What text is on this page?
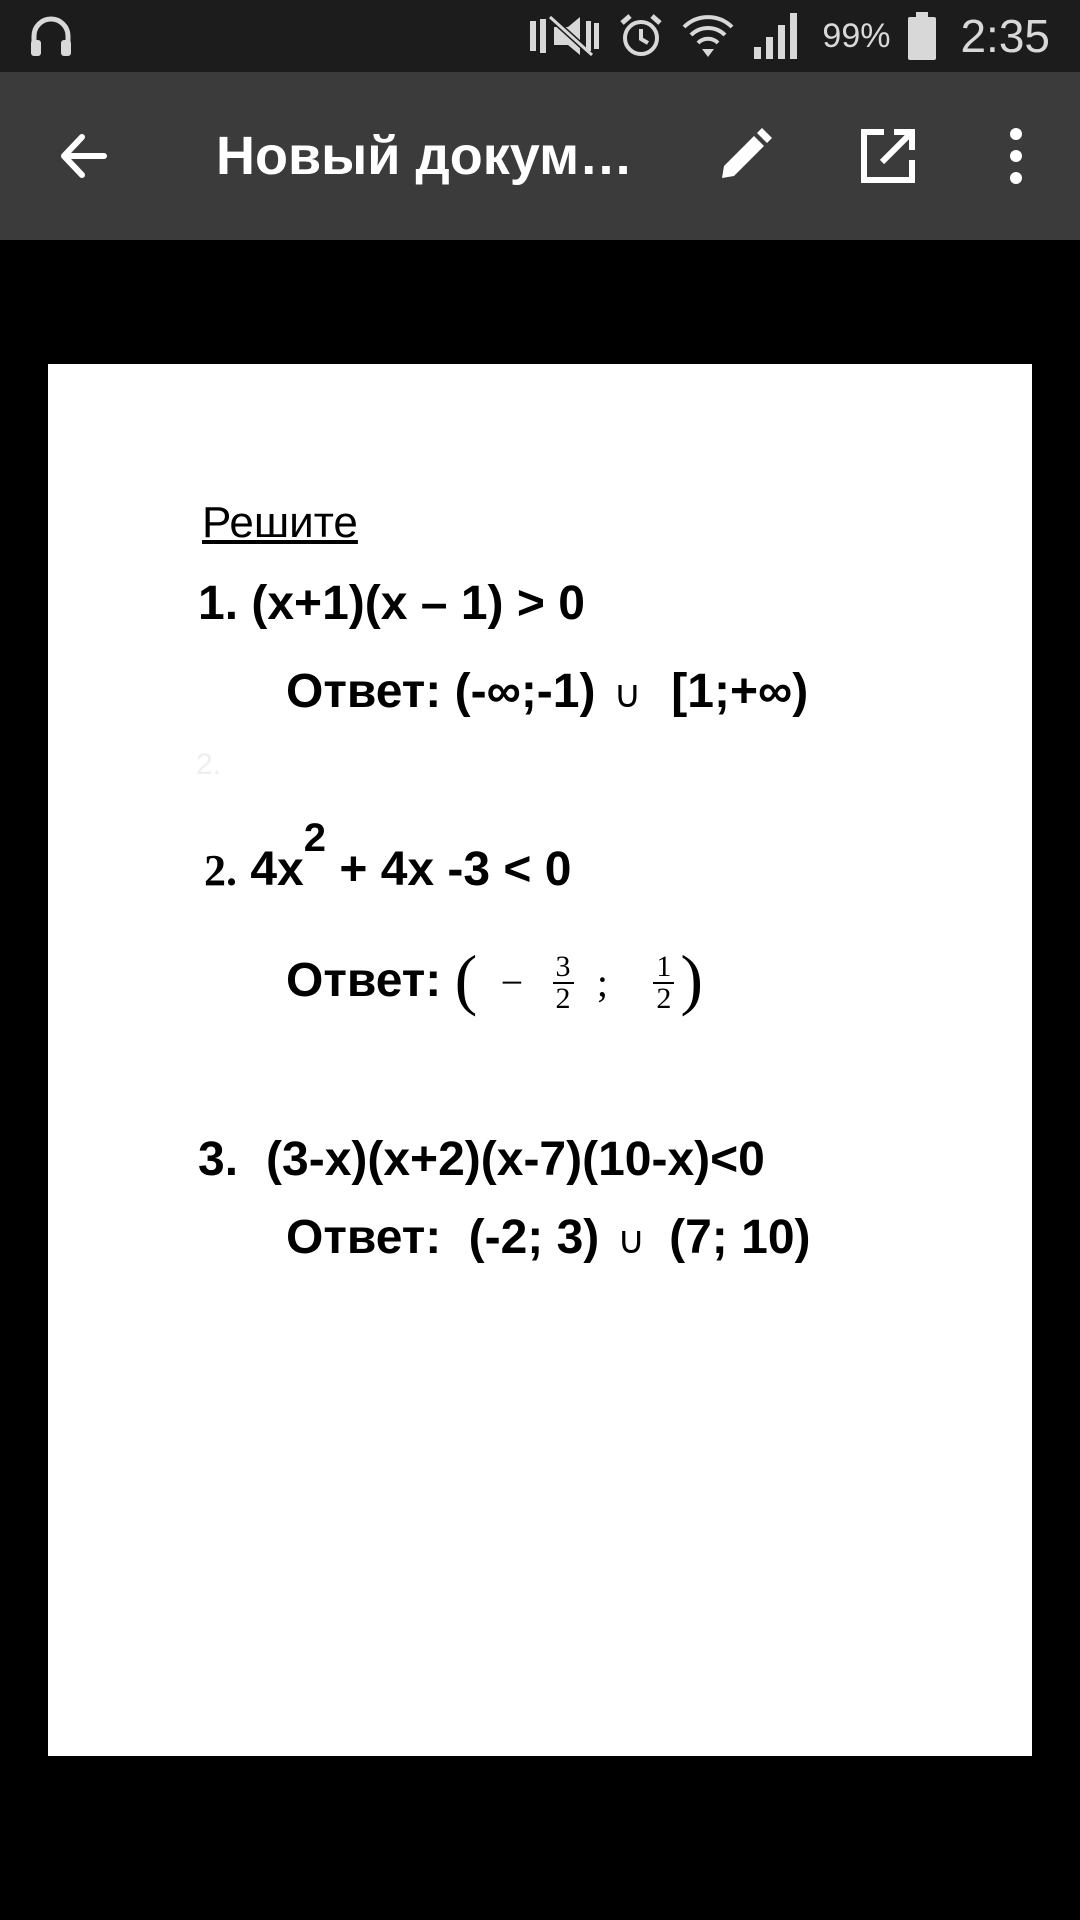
99% 2:35
Новый докум…
Решите
1. (x+1)(x – 1) > 0
Ответ: (-∞;-1) ∪ [1;+∞)
2.
2. $4x^2 + 4x$ -3 < 0
Ответ: ( − $\frac{3}{2}$ ; $\frac{1}{2}$ )
3. (3-x)(x+2)(x-7)(10-x)<0
Ответ: (-2; 3) ∪ (7; 10)
